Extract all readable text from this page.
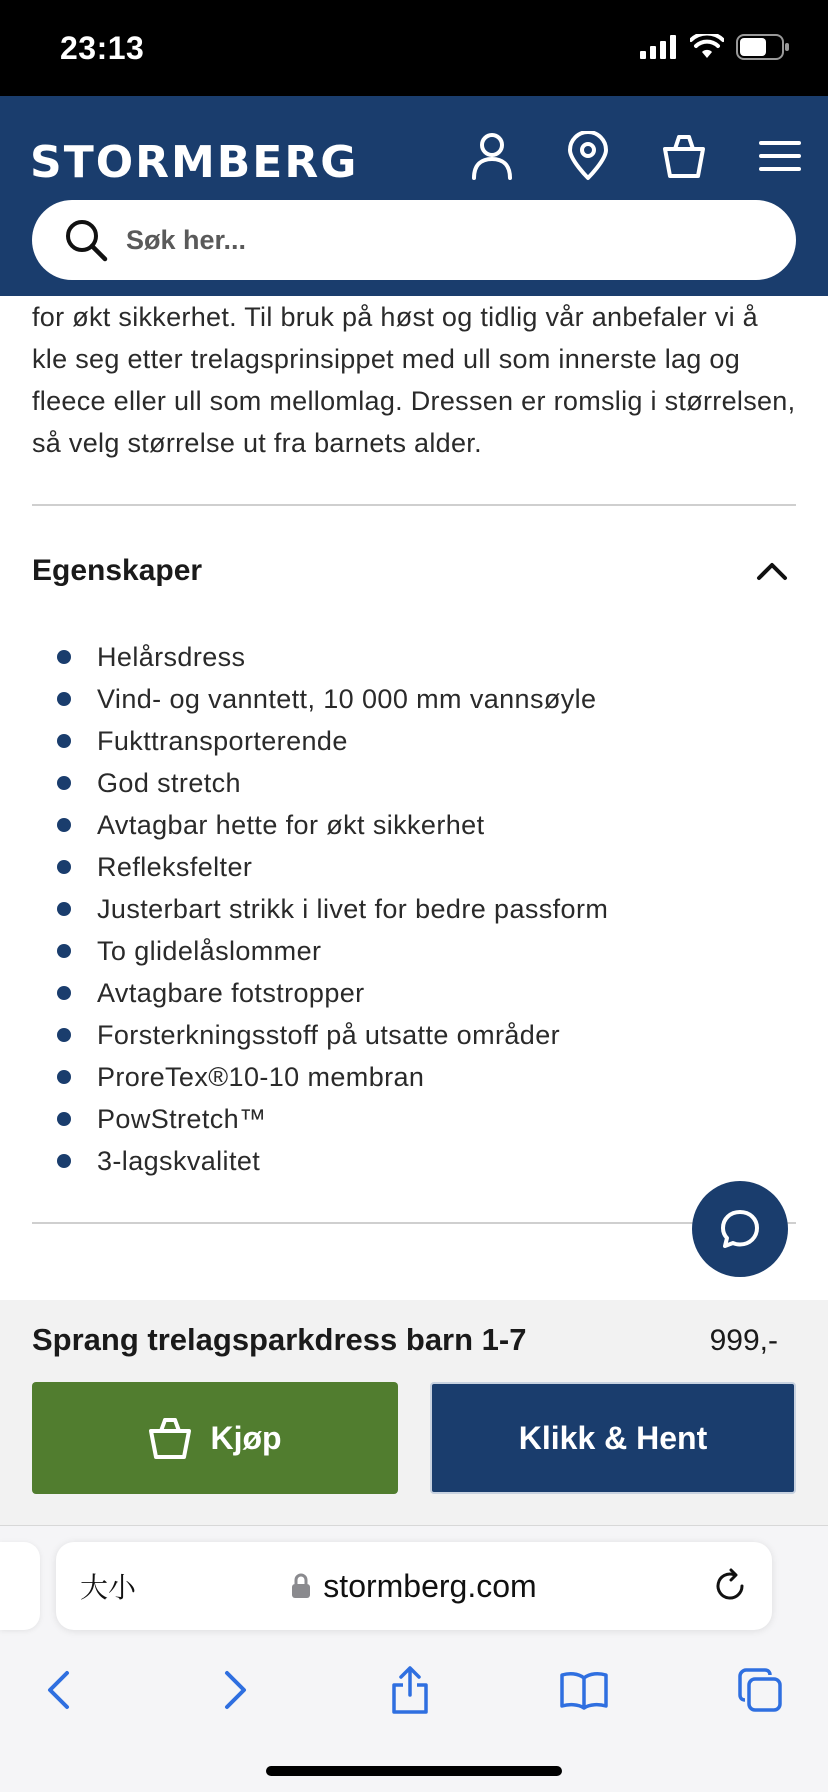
23:13
STORMBERG
Søk her...

for økt sikkerhet. Til bruk på høst og tidlig vår anbefaler vi å kle seg etter trelagsprinsippet med ull som innerste lag og fleece eller ull som mellomlag. Dressen er romslig i størrelsen, så velg størrelse ut fra barnets alder.

Egenskaper
Helårsdress
Vind- og vanntett, 10 000 mm vannsøyle
Fukttransporterende
God stretch
Avtagbar hette for økt sikkerhet
Refleksfelter
Justerbart strikk i livet for bedre passform
To glidelåslommer
Avtagbare fotstropper
Forsterkningsstoff på utsatte områder
ProreTex®10-10 membran
PowStretch™
3-lagskvalitet
Sprang trelagsparkdress barn 1-7	999,-
Kjøp	Klikk & Hent
stormberg.com
大小
